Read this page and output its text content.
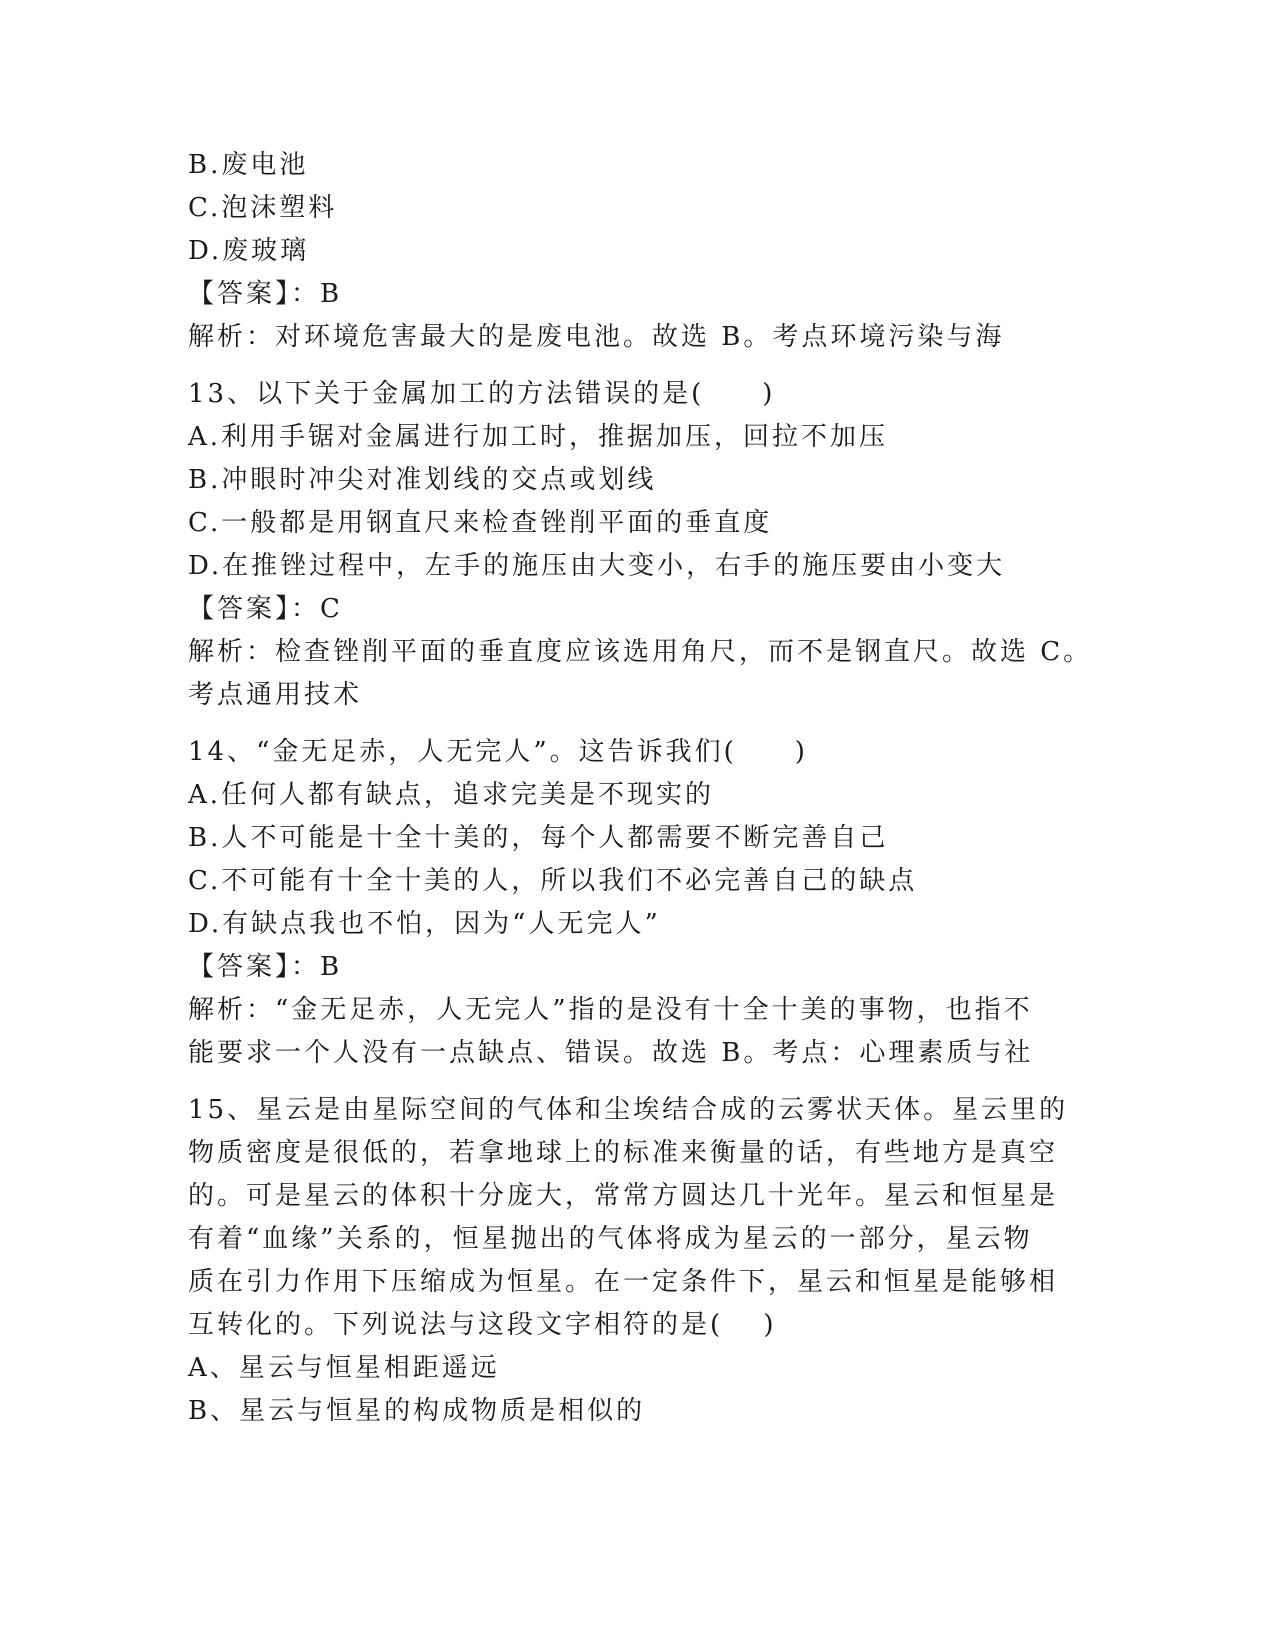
B.废电池
C.泡沫塑料
D.废玻璃
【答案】：B
解析：对环境危害最大的是废电池。故选 B。考点环境污染与海
13、以下关于金属加工的方法错误的是(　　)
A.利用手锯对金属进行加工时，推据加压，回拉不加压
B.冲眼时冲尖对准划线的交点或划线
C.一般都是用钢直尺来检查锉削平面的垂直度
D.在推锉过程中，左手的施压由大变小，右手的施压要由小变大
【答案】：C
解析：检查锉削平面的垂直度应该选用角尺，而不是钢直尺。故选 C。
考点通用技术
14、“金无足赤，人无完人”。这告诉我们(　　)
A.任何人都有缺点，追求完美是不现实的
B.人不可能是十全十美的，每个人都需要不断完善自己
C.不可能有十全十美的人，所以我们不必完善自己的缺点
D.有缺点我也不怕，因为“人无完人”
【答案】：B
解析：“金无足赤，人无完人”指的是没有十全十美的事物，也指不
能要求一个人没有一点缺点、错误。故选 B。考点：心理素质与社
15、星云是由星际空间的气体和尘埃结合成的云雾状天体。星云里的
物质密度是很低的，若拿地球上的标准来衡量的话，有些地方是真空
的。可是星云的体积十分庞大，常常方圆达几十光年。星云和恒星是
有着“血缘”关系的，恒星抛出的气体将成为星云的一部分，星云物
质在引力作用下压缩成为恒星。在一定条件下，星云和恒星是能够相
互转化的。下列说法与这段文字相符的是(　 )
A、星云与恒星相距遥远
B、星云与恒星的构成物质是相似的
